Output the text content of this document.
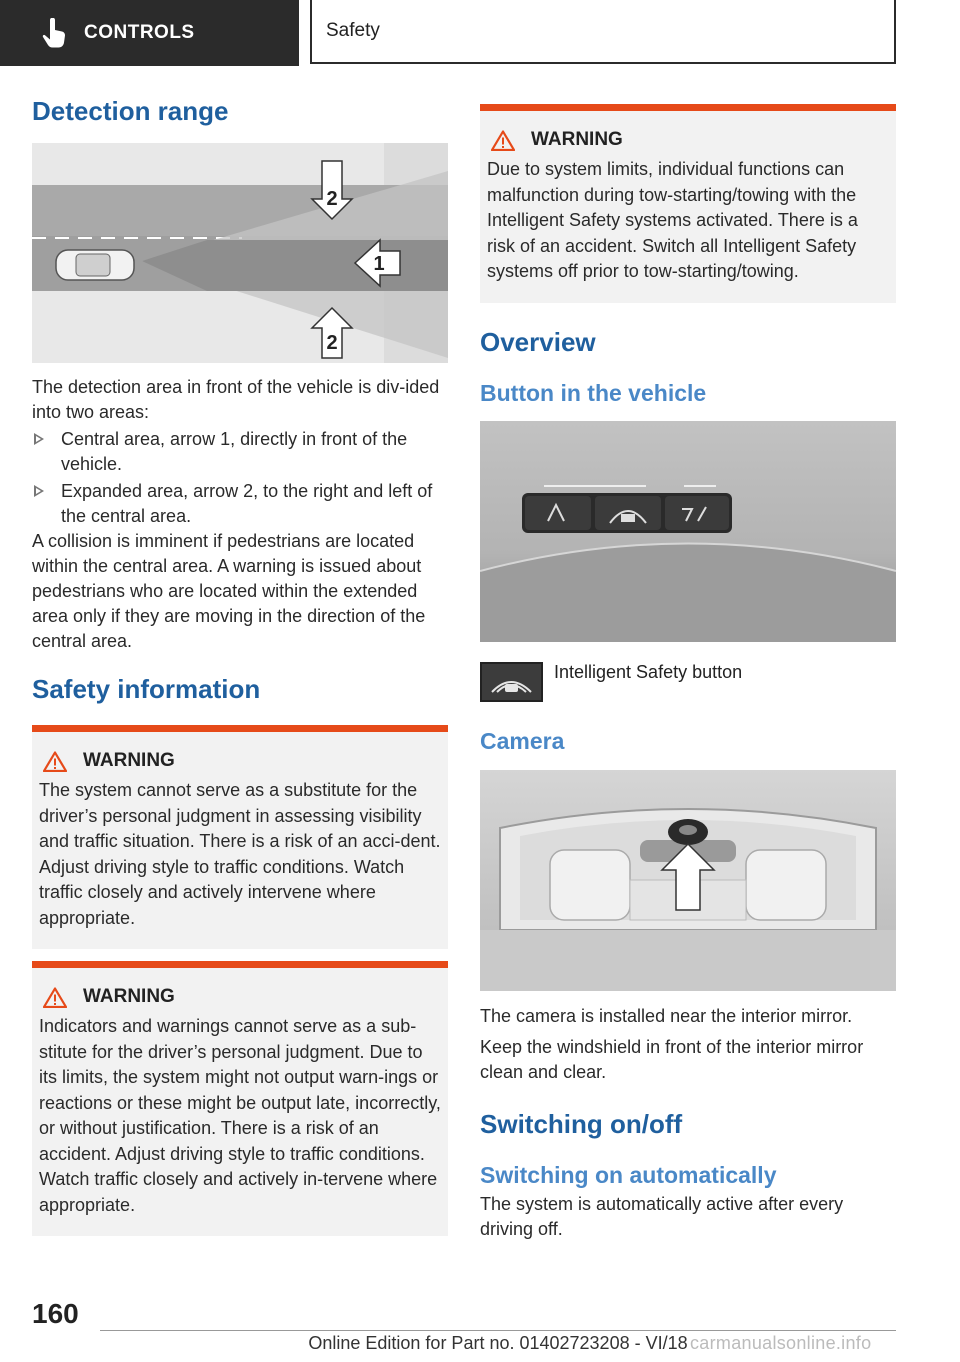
CONTROLS	Safety
Detection range
2
1
2

The detection area in front of the vehicle is div‐ided into two areas:

Central area, arrow 1, directly in front of the vehicle.
Expanded area, arrow 2, to the right and left of the central area.

A collision is imminent if pedestrians are located within the central area. A warning is issued about pedestrians who are located within the extended area only if they are moving in the direction of the central area.

Safety information
WARNING

The system cannot serve as a substitute for the driver’s personal judgment in assessing visibility and traffic situation. There is a risk of an acci‐dent. Adjust driving style to traffic conditions. Watch traffic closely and actively intervene where appropriate.

WARNING

Indicators and warnings cannot serve as a sub‐stitute for the driver’s personal judgment. Due to its limits, the system might not output warn‐ings or reactions or these might be output late, incorrectly, or without justification. There is a risk of an accident. Adjust driving style to traffic conditions. Watch traffic closely and actively in‐tervene where appropriate.

WARNING

Due to system limits, individual functions can malfunction during tow-starting/towing with the Intelligent Safety systems activated. There is a risk of an accident. Switch all Intelligent Safety systems off prior to tow-starting/towing.

Overview
Button in the vehicle
Intelligent Safety button
Camera

The camera is installed near the interior mirror.

Keep the windshield in front of the interior mirror clean and clear.

Switching on/off
Switching on automatically

The system is automatically active after every driving off.

160
Online Edition for Part no. 01402723208 - VI/18 carmanualsonline.info
